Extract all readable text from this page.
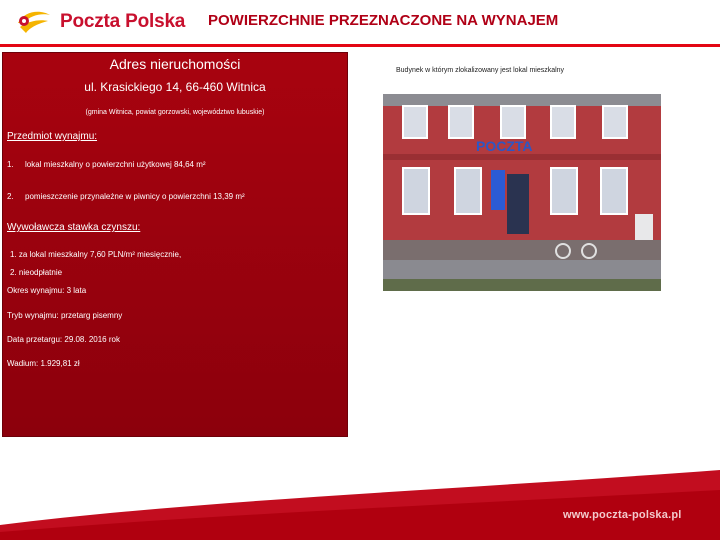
Poczta Polska POWIERZCHNIE PRZEZNACZONE NA WYNAJEM
Adres nieruchomości
ul. Krasickiego 14, 66-460 Witnica
(gmina Witnica, powiat gorzowski, województwo lubuskie)
Przedmiot wynajmu:
1. lokal mieszkalny o powierzchni użytkowej 84,64 m²
2. pomieszczenie przynależne w piwnicy o powierzchni 13,39 m²
Wywoławcza stawka czynszu:
1. za lokal mieszkalny 7,60 PLN/m² miesięcznie,
2. nieodpłatnie
Okres wynajmu: 3 lata
Tryb wynajmu: przetarg pisemny
Data przetargu: 29.08. 2016 rok
Wadium: 1.929,81 zł
Budynek w którym zlokalizowany jest lokal mieszkalny
POCZTA
www.poczta-polska.pl
